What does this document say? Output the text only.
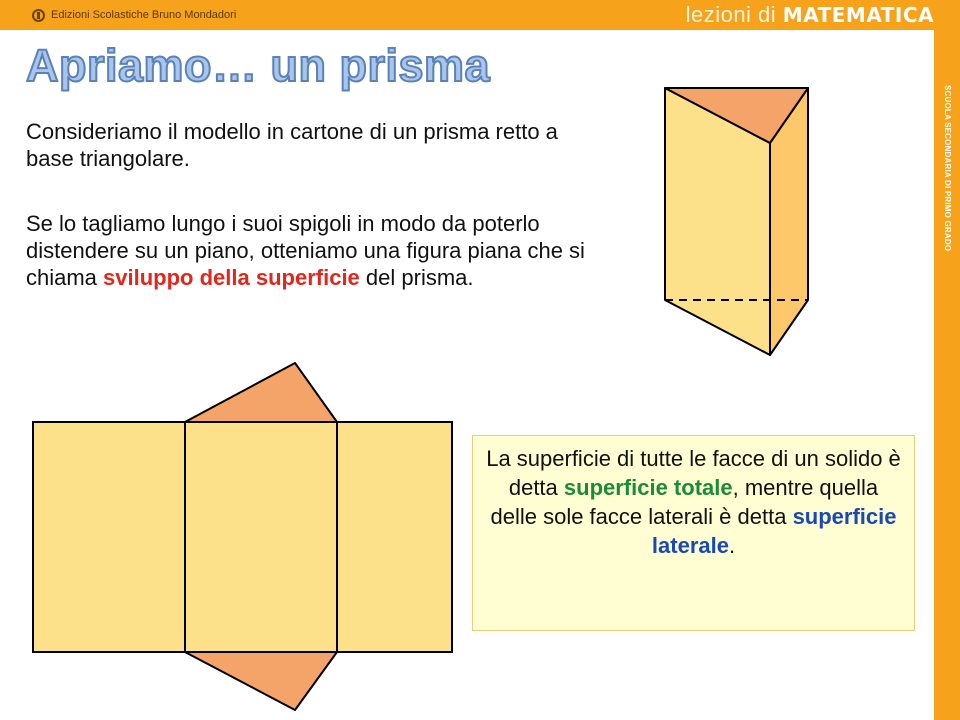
Edizioni Scolastiche Bruno Mondadori	lezioni di MATEMATICA
SCUOLA SECONDARIA DI PRIMO GRADO
Apriamo… un prisma

Consideriamo il modello in cartone di un prisma retto a base triangolare.

Se lo tagliamo lungo i suoi spigoli in modo da poterlo distendere su un piano, otteniamo una figura piana che si chiama sviluppo della superficie del prisma.

La superficie di tutte le facce di un solido è detta superficie totale, mentre quella delle sole facce laterali è detta superficie laterale.
